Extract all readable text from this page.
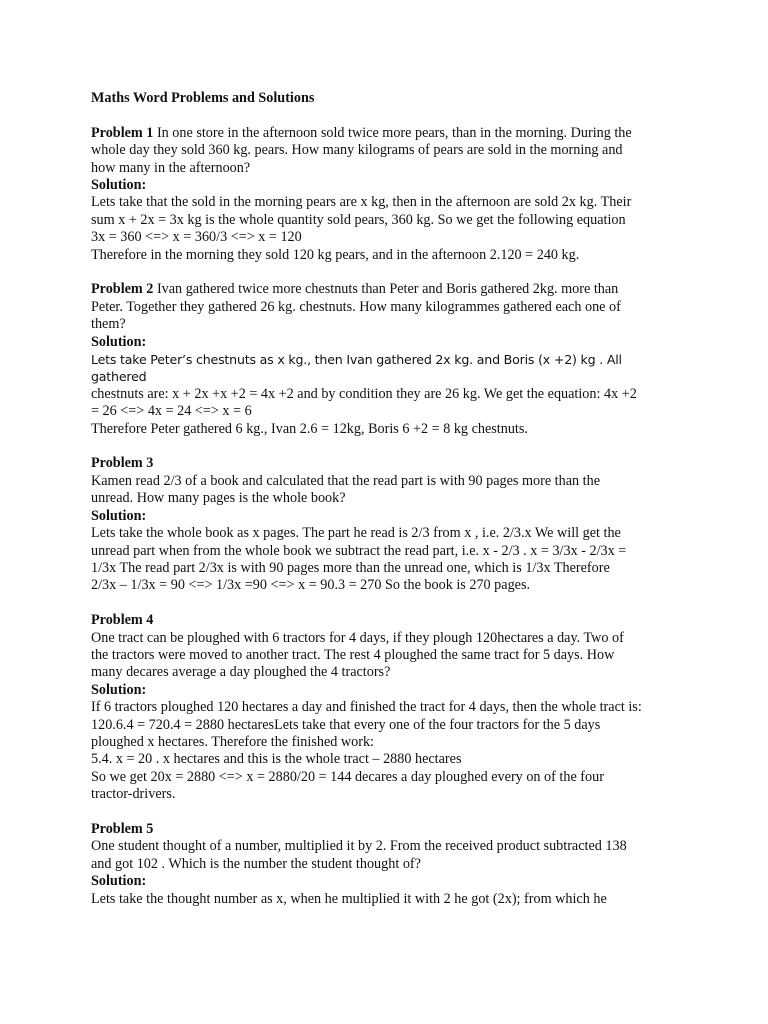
Maths Word Problems and Solutions

Problem 1 In one store in the afternoon sold twice more pears, than in the morning. During the

whole day they sold 360 kg. pears. How many kilograms of pears are sold in the morning and

how many in the afternoon?

Solution:

Lets take that the sold in the morning pears are x kg, then in the afternoon are sold 2x kg. Their

sum x + 2x = 3x kg is the whole quantity sold pears, 360 kg. So we get the following equation

3x = 360 <=> x = 360/3 <=> x = 120

Therefore in the morning they sold 120 kg pears, and in the afternoon 2.120 = 240 kg.

Problem 2 Ivan gathered twice more chestnuts than Peter and Boris gathered 2kg. more than

Peter. Together they gathered 26 kg. chestnuts. How many kilogrammes gathered each one of

them?

Solution:

Lets take Peter’s chestnuts as x kg., then Ivan gathered 2x kg. and Boris (x +2) kg . All gathered

chestnuts are: x + 2x +x +2 = 4x +2 and by condition they are 26 kg. We get the equation: 4x +2

= 26 <=> 4x = 24 <=> x = 6

Therefore Peter gathered 6 kg., Ivan 2.6 = 12kg, Boris 6 +2 = 8 kg chestnuts.

Problem 3

Kamen read 2/3 of a book and calculated that the read part is with 90 pages more than the

unread. How many pages is the whole book?

Solution:

Lets take the whole book as x pages. The part he read is 2/3 from x , i.e. 2/3.x We will get the

unread part when from the whole book we subtract the read part, i.e. x - 2/3 . x = 3/3x - 2/3x =

1/3x The read part 2/3x is with 90 pages more than the unread one, which is 1/3x Therefore

2/3x – 1/3x = 90 <=> 1/3x =90 <=> x = 90.3 = 270 So the book is 270 pages.

Problem 4

One tract can be ploughed with 6 tractors for 4 days, if they plough 120hectares a day. Two of

the tractors were moved to another tract. The rest 4 ploughed the same tract for 5 days. How

many decares average a day ploughed the 4 tractors?

Solution:

If 6 tractors ploughed 120 hectares a day and finished the tract for 4 days, then the whole tract is:

120.6.4 = 720.4 = 2880 hectaresLets take that every one of the four tractors for the 5 days

ploughed x hectares. Therefore the finished work:

5.4. x = 20 . x hectares and this is the whole tract – 2880 hectares

So we get 20x = 2880 <=> x = 2880/20 = 144 decares a day ploughed every on of the four

tractor-drivers.

Problem 5

One student thought of a number, multiplied it by 2. From the received product subtracted 138

and got 102 . Which is the number the student thought of?

Solution:

Lets take the thought number as x, when he multiplied it with 2 he got (2x); from which he
